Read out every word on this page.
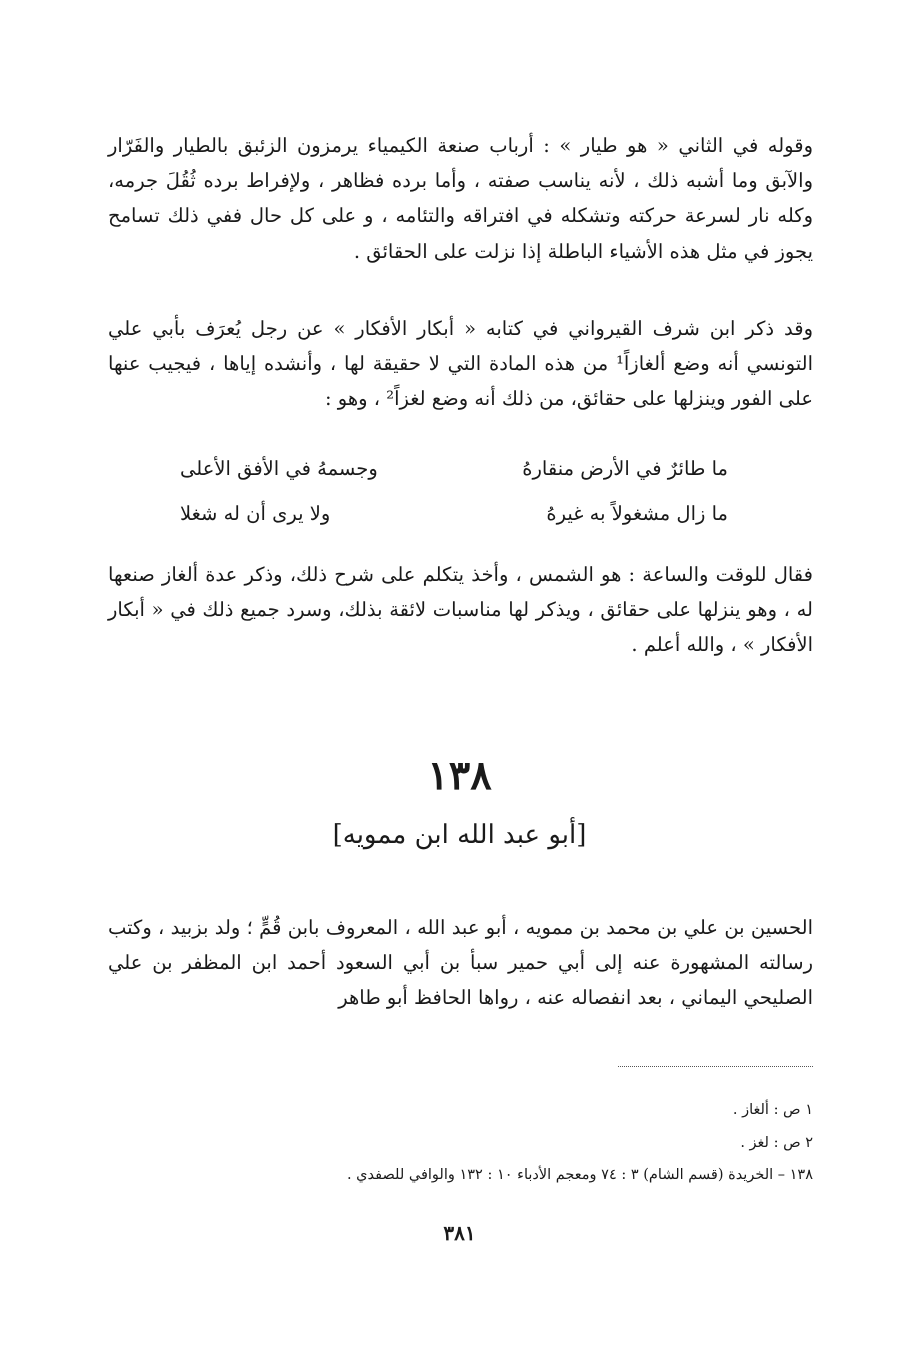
وقوله في الثاني « هو طيار » : أرباب صنعة الكيمياء يرمزون الزئبق بالطيار والفَرّار والآبق وما أشبه ذلك ، لأنه يناسب صفته ، وأما برده فظاهر ، ولإفراط برده ثُقُلَ جرمه، وكله نار لسرعة حركته وتشكله في افتراقه والتئامه ، و على كل حال ففي ذلك تسامح يجوز في مثل هذه الأشياء الباطلة إذا نزلت على الحقائق .

وقد ذكر ابن شرف القيرواني في كتابه « أبكار الأفكار » عن رجل يُعرَف بأبي علي التونسي أنه وضع ألغازاً¹ من هذه المادة التي لا حقيقة لها ، وأنشده إياها ، فيجيب عنها على الفور وينزلها على حقائق، من ذلك أنه وضع لغزاً² ، وهو :

ما طائرٌ في الأرض منقارهُ
وجسمهُ في الأفق الأعلى
ما زال مشغولاً به غيرهُ
ولا يرى أن له شغلا

فقال للوقت والساعة : هو الشمس ، وأخذ يتكلم على شرح ذلك، وذكر عدة ألغاز صنعها له ، وهو ينزلها على حقائق ، ويذكر لها مناسبات لائقة بذلك، وسرد جميع ذلك في « أبكار الأفكار » ، والله أعلم .

١٣٨
[أبو عبد الله ابن ممويه]

الحسين بن علي بن محمد بن ممويه ، أبو عبد الله ، المعروف بابن قُمٍّ ؛ ولد بزبيد ، وكتب رسالته المشهورة عنه إلى أبي حمير سبأ بن أبي السعود أحمد ابن المظفر بن علي الصليحي اليماني ، بعد انفصاله عنه ، رواها الحافظ أبو طاهر

١ ص : ألغاز .
٢ ص : لغز .
١٣٨ – الخريدة (قسم الشام) ٣ : ٧٤ ومعجم الأدباء ١٠ : ١٣٢ والوافي للصفدي .
٣٨١
